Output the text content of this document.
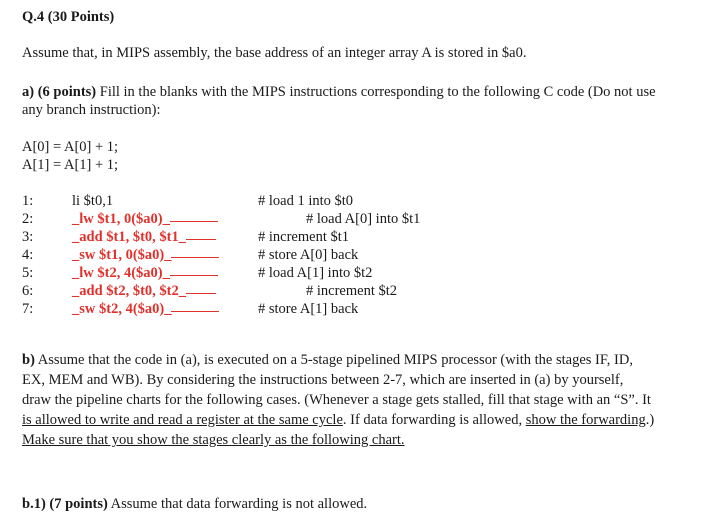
Q.4 (30 Points)
Assume that, in MIPS assembly, the base address of an integer array A is stored in $a0.
a) (6 points) Fill in the blanks with the MIPS instructions corresponding to the following C code (Do not use
any branch instruction):
A[0] = A[0] + 1;
A[1] = A[1] + 1;
1:	li $t0,1	# load 1 into $t0
2:	_lw $t1, 0($a0)_	# load A[0] into $t1
3:	_add $t1, $t0, $t1_	# increment $t1
4:	_sw $t1, 0($a0)_	# store A[0] back
5:	_lw $t2, 4($a0)_	# load A[1] into $t2
6:	_add $t2, $t0, $t2_	# increment $t2
7:	_sw $t2, 4($a0)_	# store A[1] back
b) Assume that the code in (a), is executed on a 5-stage pipelined MIPS processor (with the stages IF, ID,
EX, MEM and WB). By considering the instructions between 2-7, which are inserted in (a) by yourself,
draw the pipeline charts for the following cases. (Whenever a stage gets stalled, fill that stage with an “S”. It
is allowed to write and read a register at the same cycle. If data forwarding is allowed, show the forwarding.)
Make sure that you show the stages clearly as the following chart.
b.1) (7 points) Assume that data forwarding is not allowed.
